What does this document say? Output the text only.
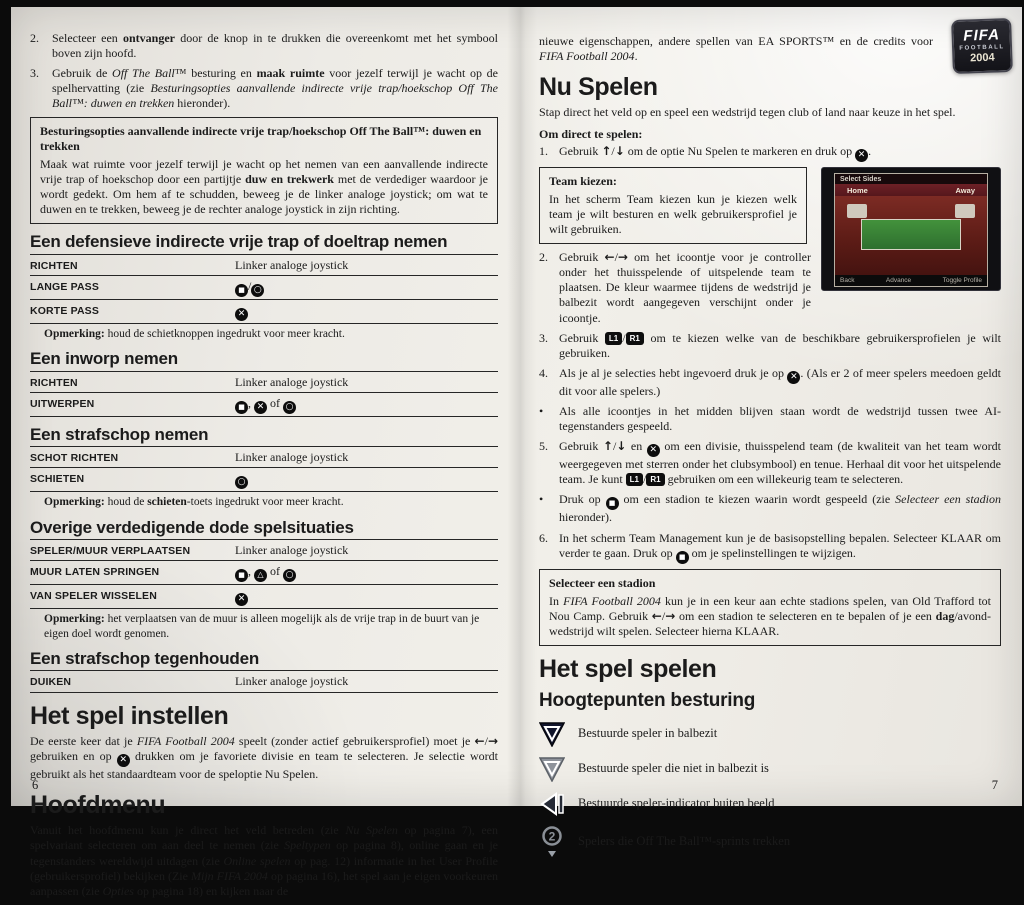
FIFA
FOOTBALL
2004
2. Selecteer een ontvanger door de knop in te drukken die overeenkomt met het symbool boven zijn hoofd.
3. Gebruik de Off The Ball™ besturing en maak ruimte voor jezelf terwijl je wacht op de spelhervatting (zie Besturingsopties aanvallende indirecte vrije trap/hoekschop Off The Ball™: duwen en trekken hieronder).
Besturingsopties aanvallende indirecte vrije trap/hoekschop Off The Ball™: duwen en trekken
Maak wat ruimte voor jezelf terwijl je wacht op het nemen van een aanvallende indirecte vrije trap of hoekschop door een partijtje duw en trekwerk met de verdediger waardoor je wordt gedekt. Om hem af te schudden, beweeg je de linker analoge joystick; om wat te duwen en te trekken, beweeg je de rechter analoge joystick in zijn richting.
Een defensieve indirecte vrije trap of doeltrap nemen
RICHTEN	Linker analoge joystick
LANGE PASS	■ / ○
KORTE PASS	✕

Opmerking: houd de schietknoppen ingedrukt voor meer kracht.

Een inworp nemen
RICHTEN	Linker analoge joystick
UITWERPEN	■ , ✕ of ○
Een strafschop nemen
SCHOT RICHTEN	Linker analoge joystick
SCHIETEN	○

Opmerking: houd de schieten-toets ingedrukt voor meer kracht.

Overige verdedigende dode spelsituaties
SPELER/MUUR VERPLAATSEN	Linker analoge joystick
MUUR LATEN SPRINGEN	■ , △ of ○
VAN SPELER WISSELEN	✕

Opmerking: het verplaatsen van de muur is alleen mogelijk als de vrije trap in de buurt van je eigen doel wordt genomen.

Een strafschop tegenhouden
DUIKEN	Linker analoge joystick
Het spel instellen

De eerste keer dat je FIFA Football 2004 speelt (zonder actief gebruikersprofiel) moet je ←/→ gebruiken en op ✕ drukken om je favoriete divisie en team te selecteren. Je selectie wordt gebruikt als het standaardteam voor de speloptie Nu Spelen.

Hoofdmenu

Vanuit het hoofdmenu kun je direct het veld betreden (zie Nu Spelen op pagina 7), een spelvariant selecteren om aan deel te nemen (zie Speltypen op pagina 8), online gaan en je tegenstanders wereldwijd uitdagen (zie Online spelen op pag. 12) informatie in het User Profile (gebruikersprofiel) bekijken (Zie Mijn FIFA 2004 op pagina 16), het spel aan je eigen voorkeuren aanpassen (zie Opties op pagina 18) en kijken naar de

nieuwe eigenschappen, andere spellen van EA SPORTS™ en de credits voor FIFA Football 2004.

Nu Spelen

Stap direct het veld op en speel een wedstrijd tegen club of land naar keuze in het spel.

Om direct te spelen:

1. Gebruik ↑/↓ om de optie Nu Spelen te markeren en druk op ✕ .
Select Sides
Home	Away
Back	Advance	Toggle Profile
Team kiezen:
In het scherm Team kiezen kun je kiezen welk team je wilt besturen en welk gebruikersprofiel je wilt gebruiken.
2. Gebruik ←/→ om het icoontje voor je controller onder het thuisspelende of uitspelende team te plaatsen. De kleur waarmee tijdens de wedstrijd je balbezit wordt aangegeven verschijnt onder je icoontje.
3. Gebruik L1 / R1 om te kiezen welke van de beschikbare gebruikersprofielen je wilt gebruiken.
4. Als je al je selecties hebt ingevoerd druk je op ✕ . (Als er 2 of meer spelers meedoen geldt dit voor alle spelers.)
• Als alle icoontjes in het midden blijven staan wordt de wedstrijd tussen twee AI-tegenstanders gespeeld.
5. Gebruik ↑/↓ en ✕ om een divisie, thuisspelend team (de kwaliteit van het team wordt weergegeven met sterren onder het clubsymbool) en tenue. Herhaal dit voor het uitspelende team. Je kunt L1 / R1 gebruiken om een willekeurig team te selecteren.
• Druk op ■ om een stadion te kiezen waarin wordt gespeeld (zie Selecteer een stadion hieronder).
6. In het scherm Team Management kun je de basisopstelling bepalen. Selecteer KLAAR om verder te gaan. Druk op ■ om je spelinstellingen te wijzigen.
Selecteer een stadion
In FIFA Football 2004 kun je in een keur aan echte stadions spelen, van Old Trafford tot Nou Camp. Gebruik ←/→ om een stadion te selecteren en te bepalen of je een dag/avond-wedstrijd wilt spelen. Selecteer hierna KLAAR.
Het spel spelen
Hoogtepunten besturing
Bestuurde speler in balbezit
Bestuurde speler die niet in balbezit is
Bestuurde speler-indicator buiten beeld
2 Spelers die Off The Ball™-sprints trekken
6	7
